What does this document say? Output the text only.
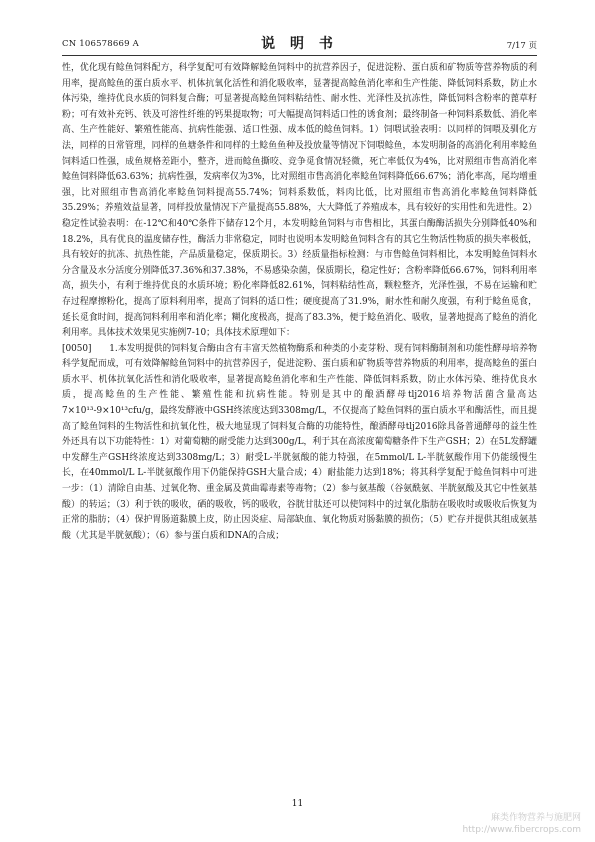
CN 106578669 A	说 明 书	7/17 页

性，优化现有鲶鱼饲料配方，科学复配可有效降解鲶鱼饲料中的抗营养因子，促进淀粉、蛋白质和矿物质等营养物质的利用率，提高鲶鱼的蛋白质水平、机体抗氧化活性和消化吸收率，显著提高鲶鱼消化率和生产性能、降低饲料系数，防止水体污染，维持优良水质的饲料复合酶；可显著提高鲶鱼饲料粘结性、耐水性、光泽性及抗冻性，降低饲料含粉率的蓖草籽粉；可有效补充钙、铁及可溶性纤维的钙果提取物；可大幅提高饲料适口性的诱食剂；最终制备一种饲料系数低、消化率高、生产性能好、繁殖性能高、抗病性能强、适口性强、成本低的鲶鱼饲料。1）饲喂试验表明：以同样的饲喂及驯化方法，同样的日常管理，同样的鱼塘条件和同样的土鲶鱼鱼种及投放量等情况下饲喂鲶鱼，本发明制备的高消化利用率鲶鱼饲料适口性强，成鱼规格差距小，整齐，进而鲶鱼撕咬、竞争觅食情况轻微，死亡率低仅为4%，比对照组市售高消化率鲶鱼饲料降低63.63%；抗病性强，发病率仅为3%，比对照组市售高消化率鲶鱼饲料降低66.67%；消化率高，尾均增重强，比对照组市售高消化率鲶鱼饲料提高55.74%；饲料系数低，料肉比低，比对照组市售高消化率鲶鱼饲料降低35.29%；养殖效益显著，同样投放量情况下产量提高55.88%，大大降低了养殖成本，具有较好的实用性和先进性。2）稳定性试验表明：在-12℃和40℃条件下储存12个月，本发明鲶鱼饲料与市售相比，其蛋白酶酶活损失分别降低40%和18.2%，具有优良的温度储存性，酶活力非常稳定，同时也说明本发明鲶鱼饲料含有的其它生物活性物质的损失率极低，具有较好的抗冻、抗热性能，产品质量稳定，保质期长。3）经质量指标检测：与市售鲶鱼饲料相比，本发明鲶鱼饲料水分含量及水分活度分别降低37.36%和37.38%，不易感染杂菌，保质期长，稳定性好；含粉率降低66.67%，饲料利用率高，损失小，有利于维持优良的水质环境；粉化率降低82.61%，饲料粘结性高，颗粒整齐，光泽性强，不易在运输和贮存过程摩擦粉化，提高了原料利用率，提高了饲料的适口性；硬度提高了31.9%，耐水性和耐久度强，有利于鲶鱼觅食，延长觅食时间，提高饲料利用率和消化率；糊化度极高，提高了83.3%，便于鲶鱼消化、吸收，显著地提高了鲶鱼的消化利用率。具体技术效果见实施例7-10；具体技术原理如下：

[0050]   1.本发明提供的饲料复合酶由含有丰富天然植物酶系和种类的小麦芽粉、现有饲料酶制剂和功能性酵母培养物科学复配而成，可有效降解鲶鱼饲料中的抗营养因子，促进淀粉、蛋白质和矿物质等营养物质的利用率，提高鲶鱼的蛋白质水平、机体抗氧化活性和消化吸收率，显著提高鲶鱼消化率和生产性能、降低饲料系数，防止水体污染、维持优良水质，提高鲶鱼的生产性能、繁殖性能和抗病性能。特别是其中的酿酒酵母tlj2016培养物活菌含量高达7×10¹³-9×10¹³cfu/g，最终发酵液中GSH终浓度达到3308mg/L，不仅提高了鲶鱼饲料的蛋白质水平和酶活性，而且提高了鲶鱼饲料的生物活性和抗氧化性，极大地显现了饲料复合酶的功能特性，酿酒酵母tlj2016除具备普通酵母的益生性外还具有以下功能特性：1）对葡萄糖的耐受能力达到300g/L，利于其在高浓度葡萄糖条件下生产GSH；2）在5L发酵罐中发酵生产GSH终浓度达到3308mg/L；3）耐受L-半胱氨酸的能力特强，在5mmol/L L-半胱氨酸作用下仍能缓慢生长，在40mmol/L L-半胱氨酸作用下仍能保持GSH大量合成；4）耐盐能力达到18%；将其科学复配于鲶鱼饲料中可进一步：（1）清除自由基、过氧化物、重金属及黄曲霉毒素等毒物；（2）参与氨基酸（谷氨酰氨、半胱氨酸及其它中性氨基酸）的转运；（3）利于铁的吸收，硒的吸收，钙的吸收，谷胱甘肽还可以使饲料中的过氧化脂肪在吸收时或吸收后恢复为正常的脂肪；（4）保护胃肠道黏膜上皮，防止因炎症、局部缺血、氧化物质对肠黏膜的损伤；（5）贮存并提供其组成氨基酸（尤其是半胱氨酸）；（6）参与蛋白质和DNA的合成；

11
麻类作物营养与施肥网
http://www.fibercrops.com
